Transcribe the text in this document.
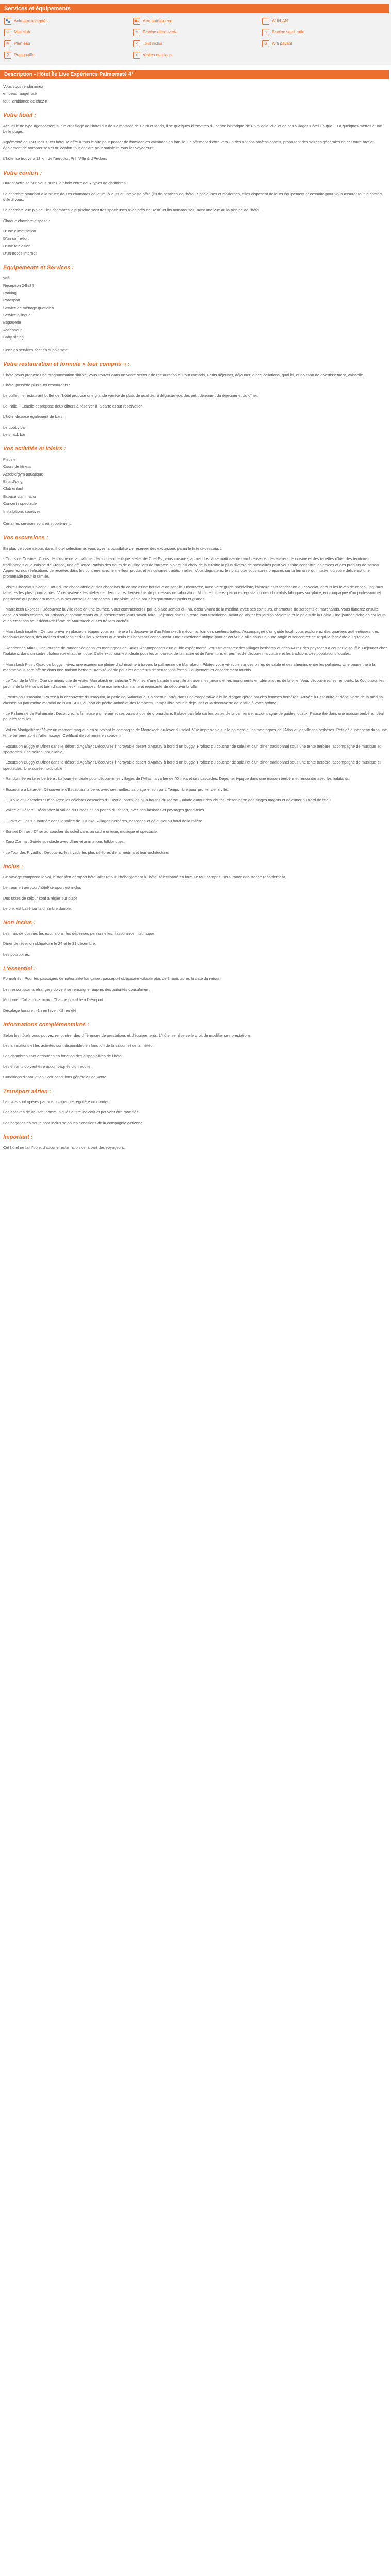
Services et équipements
🐾 Animaux acceptés	⛟ Aire autofourree	⌔	Wifi/LAN
☺ Mini club	≈	Piscine découverte	⌂	Piscine semi-rafle
≋	Plan eau	✓	Tout inclus	$	Wifi payant
⚲	Pracquaille	⌕	Visites en place
Description - Hôtel Île Live Expérience Palmomaté 4*
Vous vous rendormirez
en beau ruaget vsé
tout l'ambiance de chez n
Votre hôtel :

Accueillé de type agencement sur le crosslage de l'hôtel sur de Palmomaté de Palm et Maris, il se quelques kilomètres du centre historique de Palm dela Ville et de ses Villages Hôtel Unique. Et à quelques mètres d'une belle plage.

Agrémenté de Tout Inclus, cet hôtel 4* offre à tous le site pour passer de formidables vacances en famille. Le bâtiment d'offre vers un des options professionnels, proposant des soirées générales de cet toute bref et également de nombreuses et du confort tout déclaré pour satisfaire tous les voyageurs.

L'hôtel se trouve à 12 km de l'aéroport Pnh Ville & d'Pedom.

Votre confort :

Durant votre séjour, vous aurez le choix entre deux types de chambres :

La chambre standard à la située de Les chambres de 22 m² à 2 lits et une vaste offre (lit) de services de l'hôtel. Spacieuses et modernes, elles disposent de leurs équipement nécessaire pour vous assurer tout le confort utile à vous.

La chambre vue plaine - les chambres vue piscine sont très spacieuses avec près de 32 m² et lits nombreuses, avec une vue au la piscine de l'hôtel.

Chaque chambre dispose :

D'une climatisation
D'un coffre-fort
D'une télévision
D'un accès internet
Equipements et Services :
Wifi
Réception 24h/24
Parking
Parasport
Service de ménage quotidien
Service bilingue
Bagagerie
Ascenseur
Baby-sitting

Certains services sont en supplément

Votre restauration et formule « tout compris » :

L'hôtel vous propose une programmation simple, vous trouver dans un vaste secteur de restauration au tout compris, Petits déjeuner, déjeuner, dîner, collations, quoi ici, et boisson de divertissement, vaisselle.

L'hôtel possède plusieurs restaurants :

Le buffet : le restaurant buffet de l'hôtel propose une grande variété de plats de qualités, à déguster vos des petit déjeuner, du déjeuner et du dîner.

Le Pallal : Ecuelle et propose deux dîners à réserver à la carte et sur réservation.

L'hôtel dispose également de bars :

Le Lobby bar
Le snack bar
Vos activités et loisirs :
Piscine
Cours de fitness
Aérobic/gym aquatique
Billard/ping
Club enfant
Espace d'animation
Concert / spectacle
Installations sportives

Certaines services sont en supplément.

Vos excursions :

En plus de votre séjour, dans l'hôtel sélectionné, vous avez la possibilité de réserver des excursions parmi le liste ci-dessous :

- Cours de Cuisine : Cours de cuisine de la maîtrise, dans un authentique atelier de Chef Es, vous cuisinez, apprendrez à se maîtriser de nombreuses et des ateliers de cuisine et des recettes d'hier des territoires traditionnels et la cuisine de France, une affluence Parfois des cours de cuisine lors de l'arrivée. Voir aussi choix de la cuisine la plus diverse de spécialités pour vous faire connaître les épices et des produits de saison. Apprenez nos réalisations de recettes dans les contrées avec le meilleur produit et les cuisines traditionnelles. Vous dégusterez les plats que vous aurez préparés sur la terrasse du musée, où votre délice est une promenade pour la famille.

- Visite Chocolat Épicerie : Tour d'une chocolaterie et des chocolats du centre d'une boutique artisanale. Découvrez, avec votre guide spécialiste, l'histoire et la fabrication du chocolat, depuis les fèves de cacao jusqu'aux tablettes les plus gourmandes. Vous visiterez les ateliers et découvrirez l'ensemble du processus de fabrication. Vous terminerez par une dégustation des chocolats fabriqués sur place, en compagnie d'un professionnel passionné qui partagera avec vous ses conseils et anecdotes. Une visite idéale pour les gourmands petits et grands.

- Marrakech Express : Découvrez la ville rose en une journée. Vous commencerez par la place Jemaa el-Fna, cœur vivant de la médina, avec ses conteurs, charmeurs de serpents et marchands. Vous flânerez ensuite dans les souks colorés, où artisans et commerçants vous présenteront leurs savoir-faire. Déjeuner dans un restaurant traditionnel avant de visiter les jardins Majorelle et le palais de la Bahia. Une journée riche en couleurs et en émotions pour découvrir l'âme de Marrakech et ses trésors cachés.

- Marrakech insolite : Ce tour prévu en plusieurs étapes vous emmène à la découverte d'un Marrakech méconnu, loin des sentiers battus. Accompagné d'un guide local, vous explorerez des quartiers authentiques, des fondouks anciens, des ateliers d'artisans et des lieux secrets que seuls les habitants connaissent. Une expérience unique pour découvrir la ville sous un autre angle et rencontrer ceux qui la font vivre au quotidien.

- Randonnée Atlas : Une journée de randonnée dans les montagnes de l'Atlas. Accompagnés d'un guide expérimenté, vous traverserez des villages berbères et découvrirez des paysages à couper le souffle. Déjeuner chez l'habitant, dans un cadre chaleureux et authentique. Cette excursion est idéale pour les amoureux de la nature et de l'aventure, et permet de découvrir la culture et les traditions des populations locales.

- Marrakech Plus : Quad ou buggy : vivez une expérience pleine d'adrénaline à travers la palmeraie de Marrakech. Pilotez votre véhicule sur des pistes de sable et des chemins entre les palmiers. Une pause thé à la menthe vous sera offerte dans une maison berbère. Activité idéale pour les amateurs de sensations fortes. Équipement et encadrement fournis.

- Le Tour de la Ville : Que de mieux que de visiter Marrakech en calèche ? Profitez d'une balade tranquille à travers les jardins et les monuments emblématiques de la ville. Vous découvrirez les remparts, la Koutoubia, les jardins de la Ménara et bien d'autres lieux historiques. Une manière charmante et reposante de découvrir la ville.

- Excursion Essaouira : Partez à la découverte d'Essaouira, la perle de l'Atlantique. En chemin, arrêt dans une coopérative d'huile d'argan gérée par des femmes berbères. Arrivée à Essaouira et découverte de la médina classée au patrimoine mondial de l'UNESCO, du port de pêche animé et des remparts. Temps libre pour le déjeuner et la découverte de la ville à votre rythme.

- Le Palmeraie de Palmeraie : Découvrez la fameuse palmeraie et ses oasis à dos de dromadaire. Balade paisible sur les pistes de la palmeraie, accompagné de guides locaux. Pause thé dans une maison berbère. Idéal pour les familles.

- Vol en Montgolfière : Vivez un moment magique en survolant la campagne de Marrakech au lever du soleil. Vue imprenable sur la palmeraie, les montagnes de l'Atlas et les villages berbères. Petit déjeuner servi dans une tente berbère après l'atterrissage. Certificat de vol remis en souvenir.

- Excursion Buggy et Dîner dans le désert d'Agafay : Découvrez l'incroyable désert d'Agafay à bord d'un buggy. Profitez du coucher de soleil et d'un dîner traditionnel sous une tente berbère, accompagné de musique et spectacles. Une soirée inoubliable.

- Excursion Buggy et Dîner dans le désert d'Agafay : Découvrez l'incroyable désert d'Agafay à bord d'un buggy. Profitez du coucher de soleil et d'un dîner traditionnel sous une tente berbère, accompagné de musique et spectacles. Une soirée inoubliable.

- Randonnée en terre berbère : La journée idéale pour découvrir les villages de l'Atlas, la vallée de l'Ourika et ses cascades. Déjeuner typique dans une maison berbère et rencontre avec les habitants.

- Essaouira à bâtarde : Découverte d'Essaouira la belle, avec ses ruelles, sa plage et son port. Temps libre pour profiter de la ville.

- Ouzoud et Cascades : Découvrez les célèbres cascades d'Ouzoud, parmi les plus hautes du Maroc. Balade autour des chutes, observation des singes magots et déjeuner au bord de l'eau.

- Vallée et Désert : Découvrez la vallée du Dadès et les portes du désert, avec ses kasbahs et paysages grandioses.

- Ourika et Oasis : Journée dans la vallée de l'Ourika. Villages berbères, cascades et déjeuner au bord de la rivière.

- Sunset Dinner : Dîner au coucher du soleil dans un cadre unique, musique et spectacle.

- Zona Zarma : Soirée spectacle avec dîner et animations folkloriques.

- Le Tour des Riyadhs : Découvrez les riyads les plus célèbres de la médina et leur architecture.

Inclus :

Ce voyage comprend le vol, le transfert aéroport hôtel aller retour, l'hébergement à l'hôtel sélectionné en formule tout compris, l'assurance assistance rapatriement.

Le transfert aéroport/hôtel/aéroport est inclus.

Des taxes de séjour sont à régler sur place.

Le prix est basé sur la chambre double.

Non inclus :

Les frais de dossier, les excursions, les dépenses personnelles, l'assurance multirisque.

Dîner de réveillon obligatoire le 24 et le 31 décembre.

Les pourboires.

L'essentiel :

Formalités : Pour les passagers de nationalité française : passeport obligatoire valable plus de 3 mois après la date du retour.

Les ressortissants étrangers doivent se renseigner auprès des autorités consulaires.

Monnaie : Dirham marocain. Change possible à l'aéroport.

Décalage horaire : -1h en hiver, -1h en été.

Informations complémentaires :

Selon les hôtels vous pouvez rencontrer des différences de prestations et d'équipements. L'hôtel se réserve le droit de modifier ses prestations.

Les animations et les activités sont disponibles en fonction de la saison et de la météo.

Les chambres sont attribuées en fonction des disponibilités de l'hôtel.

Les enfants doivent être accompagnés d'un adulte.

Conditions d'annulation : voir conditions générales de vente.

Transport aérien :

Les vols sont opérés par une compagnie régulière ou charter.

Les horaires de vol sont communiqués à titre indicatif et peuvent être modifiés.

Les bagages en soute sont inclus selon les conditions de la compagnie aérienne.

Important :

Cet hôtel ne fait l'objet d'aucune réclamation de la part des voyageurs.
